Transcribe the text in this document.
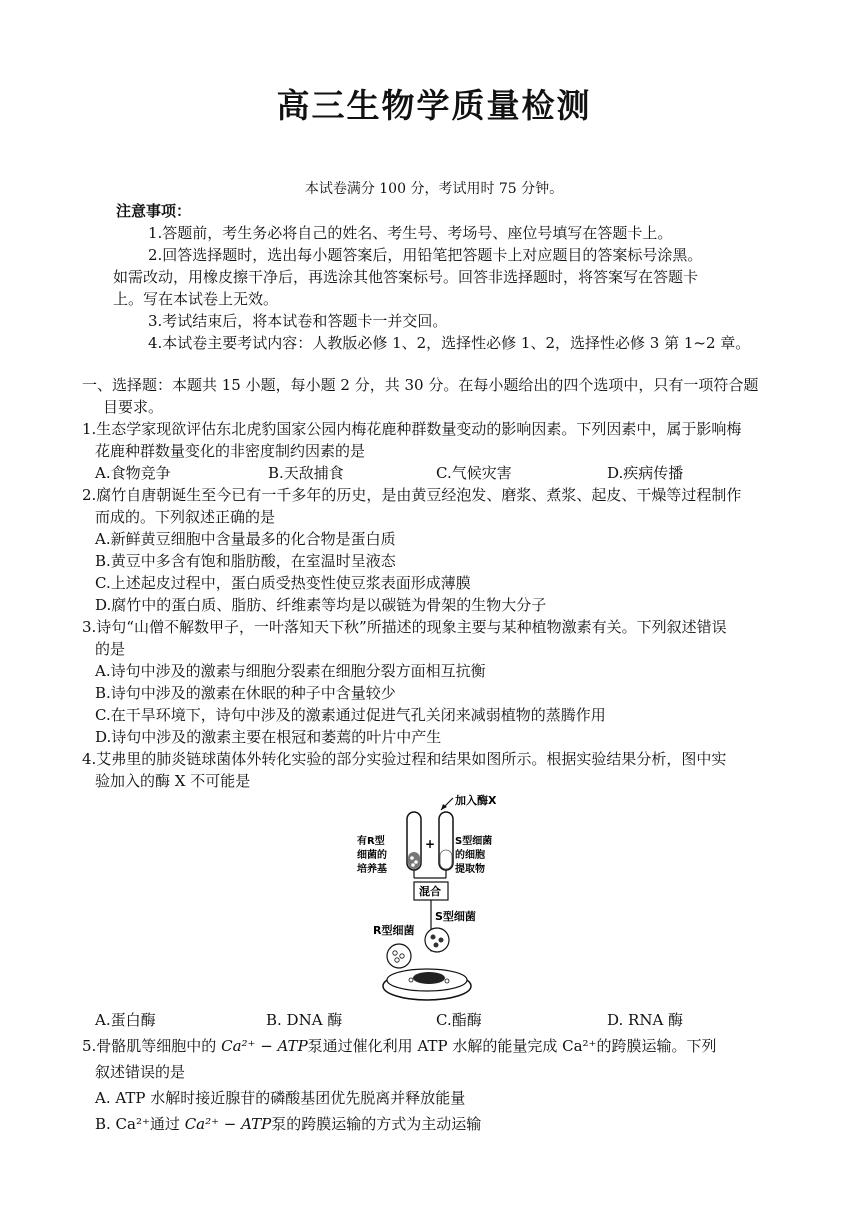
高三生物学质量检测
本试卷满分 100 分，考试用时 75 分钟。
注意事项：
1.答题前，考生务必将自己的姓名、考生号、考场号、座位号填写在答题卡上。
2.回答选择题时，选出每小题答案后，用铅笔把答题卡上对应题目的答案标号涂黑。
如需改动，用橡皮擦干净后，再选涂其他答案标号。回答非选择题时，将答案写在答题卡
上。写在本试卷上无效。
3.考试结束后，将本试卷和答题卡一并交回。
4.本试卷主要考试内容：人教版必修 1、2，选择性必修 1、2，选择性必修 3 第 1~2 章。
一、选择题：本题共 15 小题，每小题 2 分，共 30 分。在每小题给出的四个选项中，只有一项符合题
目要求。
1.生态学家现欲评估东北虎豹国家公园内梅花鹿种群数量变动的影响因素。下列因素中，属于影响梅
花鹿种群数量变化的非密度制约因素的是
A.食物竞争	B.天敌捕食	C.气候灾害	D.疾病传播
2.腐竹自唐朝诞生至今已有一千多年的历史，是由黄豆经泡发、磨浆、煮浆、起皮、干燥等过程制作
而成的。下列叙述正确的是
A.新鲜黄豆细胞中含量最多的化合物是蛋白质
B.黄豆中多含有饱和脂肪酸，在室温时呈液态
C.上述起皮过程中，蛋白质受热变性使豆浆表面形成薄膜
D.腐竹中的蛋白质、脂肪、纤维素等均是以碳链为骨架的生物大分子
3.诗句“山僧不解数甲子，一叶落知天下秋”所描述的现象主要与某种植物激素有关。下列叙述错误
的是
A.诗句中涉及的激素与细胞分裂素在细胞分裂方面相互抗衡
B.诗句中涉及的激素在休眠的种子中含量较少
C.在干旱环境下，诗句中涉及的激素通过促进气孔关闭来减弱植物的蒸腾作用
D.诗句中涉及的激素主要在根冠和萎蔫的叶片中产生
4.艾弗里的肺炎链球菌体外转化实验的部分实验过程和结果如图所示。根据实验结果分析，图中实
验加入的酶 X 不可能是
加入酶X
+
有R型
细菌的
培养基
S型细菌
的细胞
提取物
混合
S型细菌
R型细菌
A.蛋白酶	B. DNA 酶	C.酯酶	D. RNA 酶
5.骨骼肌等细胞中的 Ca²⁺ − ATP泵通过催化利用 ATP 水解的能量完成 Ca²⁺的跨膜运输。下列
叙述错误的是
A. ATP 水解时接近腺苷的磷酸基团优先脱离并释放能量
B. Ca²⁺通过 Ca²⁺ − ATP泵的跨膜运输的方式为主动运输
